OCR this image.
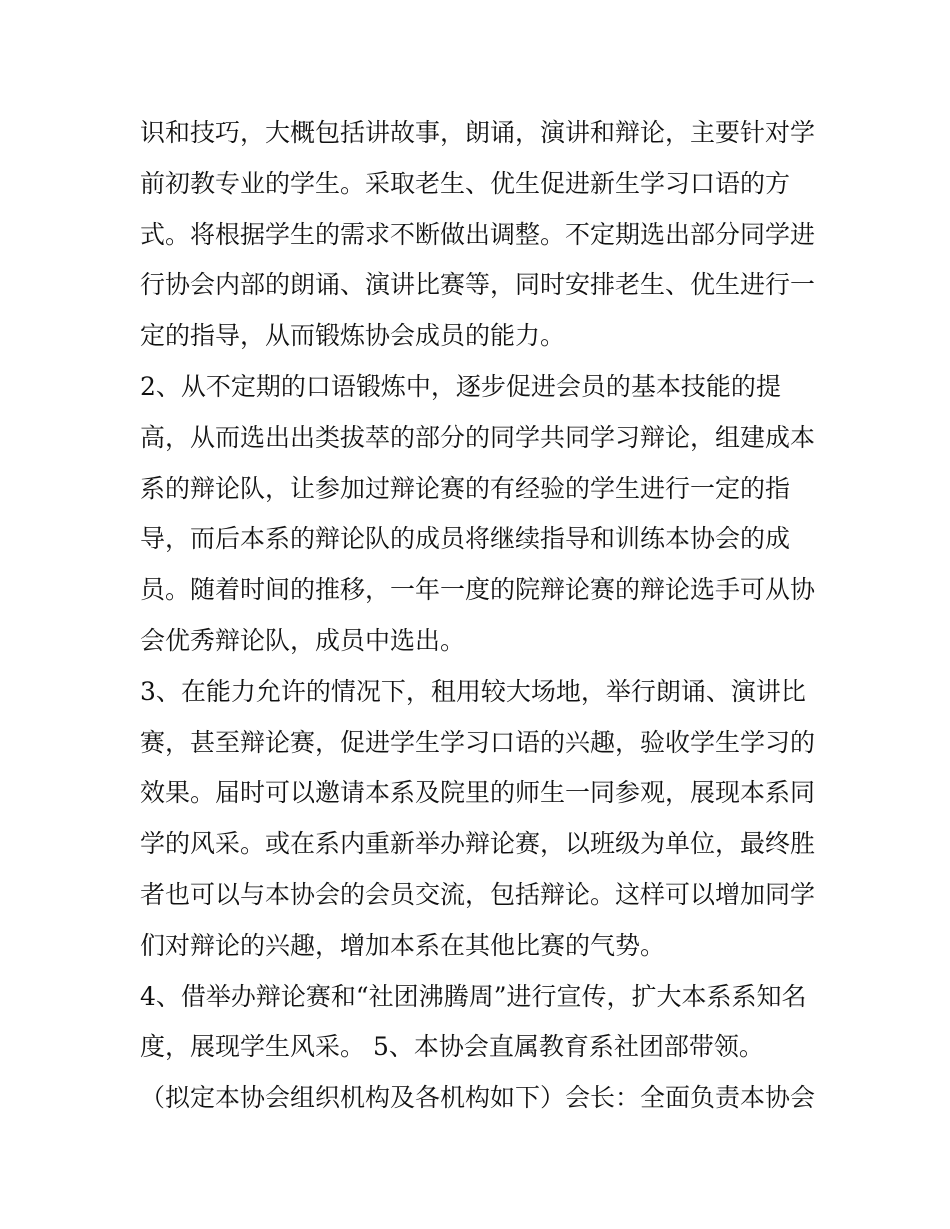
识和技巧，大概包括讲故事，朗诵，演讲和辩论，主要针对学
前初教专业的学生。采取老生、优生促进新生学习口语的方
式。将根据学生的需求不断做出调整。不定期选出部分同学进
行协会内部的朗诵、演讲比赛等，同时安排老生、优生进行一
定的指导，从而锻炼协会成员的能力。
2、从不定期的口语锻炼中，逐步促进会员的基本技能的提
高，从而选出出类拔萃的部分的同学共同学习辩论，组建成本
系的辩论队，让参加过辩论赛的有经验的学生进行一定的指
导，而后本系的辩论队的成员将继续指导和训练本协会的成
员。随着时间的推移，一年一度的院辩论赛的辩论选手可从协
会优秀辩论队，成员中选出。
3、在能力允许的情况下，租用较大场地，举行朗诵、演讲比
赛，甚至辩论赛，促进学生学习口语的兴趣，验收学生学习的
效果。届时可以邀请本系及院里的师生一同参观，展现本系同
学的风采。或在系内重新举办辩论赛，以班级为单位，最终胜
者也可以与本协会的会员交流，包括辩论。这样可以增加同学
们对辩论的兴趣，增加本系在其他比赛的气势。
4、借举办辩论赛和“社团沸腾周”进行宣传，扩大本系系知名
度，展现学生风采。 5、本协会直属教育系社团部带领。
（拟定本协会组织机构及各机构如下）会长：全面负责本协会
